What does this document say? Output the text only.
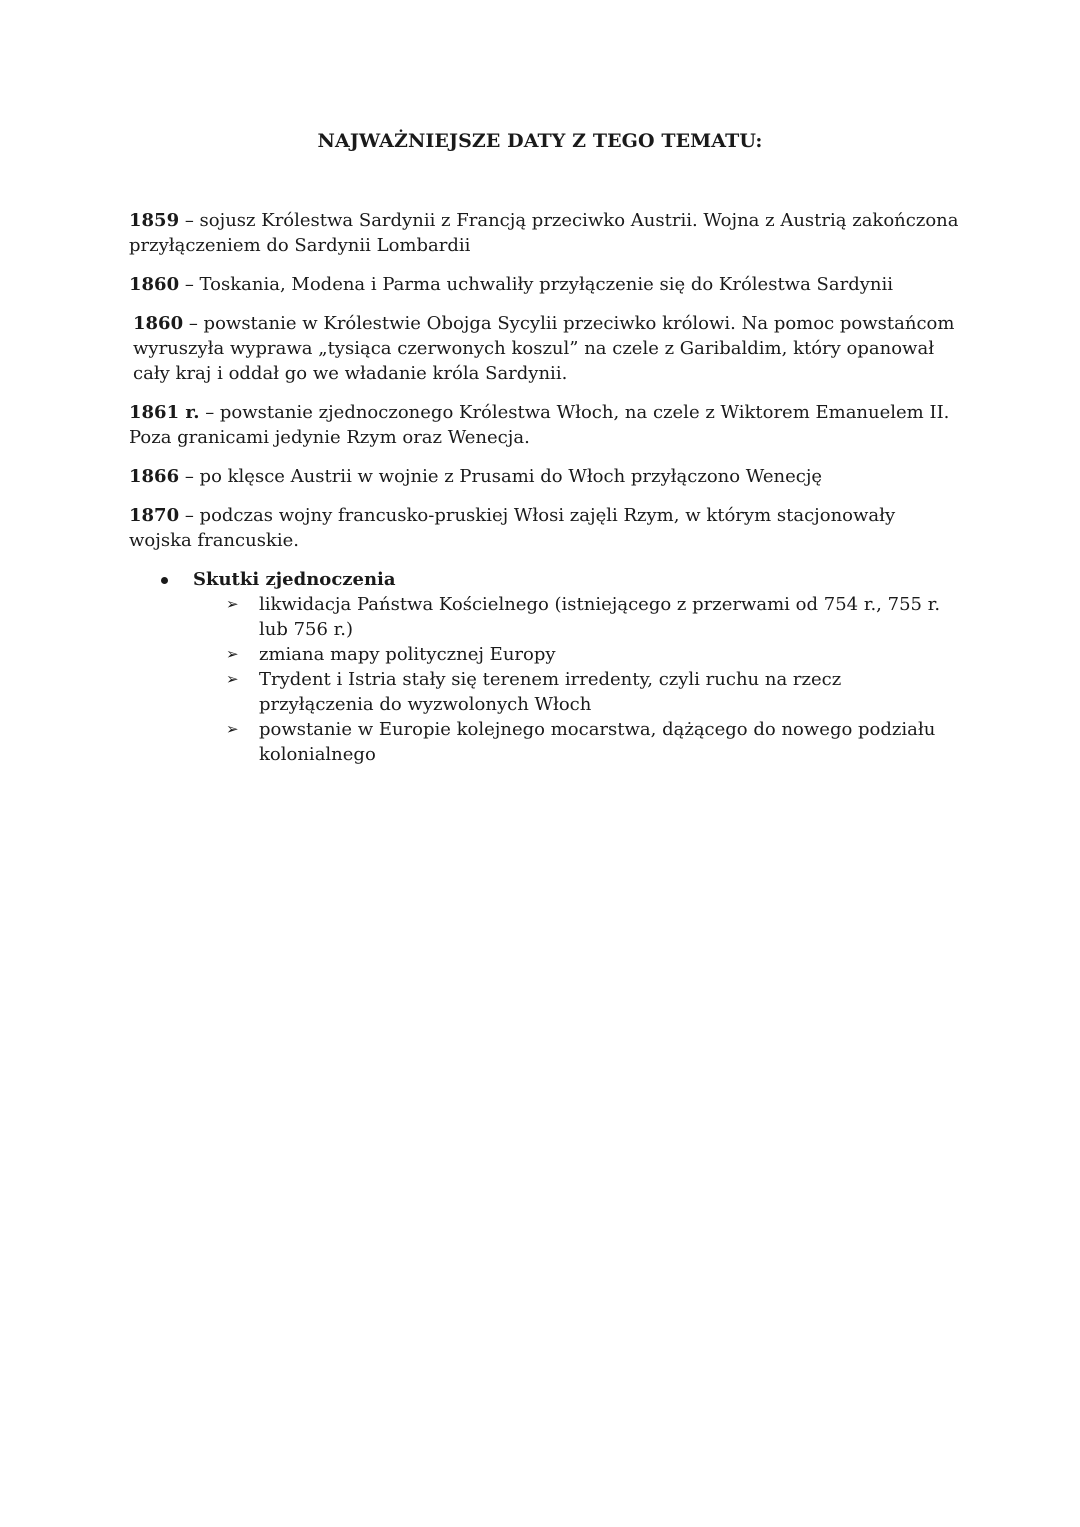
NAJWAŻNIEJSZE DATY Z TEGO TEMATU:

1859 – sojusz Królestwa Sardynii z Francją przeciwko Austrii. Wojna z Austrią zakończona przyłączeniem do Sardynii Lombardii

1860 – Toskania, Modena i Parma uchwaliły przyłączenie się do Królestwa Sardynii

1860 – powstanie w Królestwie Obojga Sycylii przeciwko królowi. Na pomoc powstańcom wyruszyła wyprawa „tysiąca czerwonych koszul” na czele z Garibaldim, który opanował cały kraj i oddał go we władanie króla Sardynii.

1861 r. – powstanie zjednoczonego Królestwa Włoch, na czele z Wiktorem Emanuelem II. Poza granicami jedynie Rzym oraz Wenecja.

1866 – po klęsce Austrii w wojnie z Prusami do Włoch przyłączono Wenecję

1870 – podczas wojny francusko-pruskiej Włosi zajęli Rzym, w którym stacjonowały wojska francuskie.

Skutki zjednoczenia
➢ likwidacja Państwa Kościelnego (istniejącego z przerwami od 754 r., 755 r. lub 756 r.)
➢ zmiana mapy politycznej Europy
➢ Trydent i Istria stały się terenem irredenty, czyli ruchu na rzecz przyłączenia do wyzwolonych Włoch
➢ powstanie w Europie kolejnego mocarstwa, dążącego do nowego podziału kolonialnego
